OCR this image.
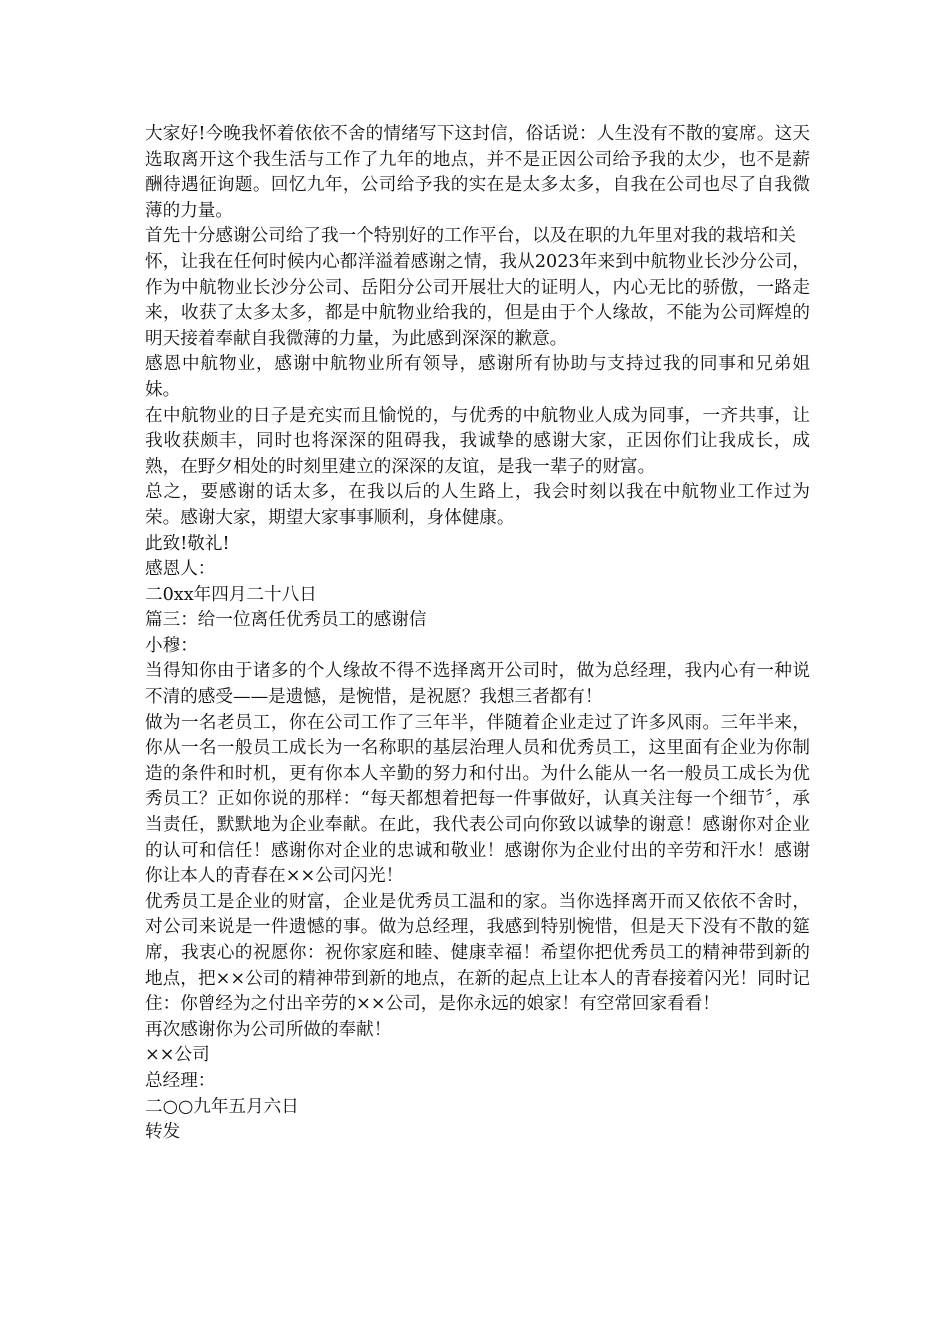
大家好!今晚我怀着依依不舍的情绪写下这封信，俗话说：人生没有不散的宴席。这天选取离开这个我生活与工作了九年的地点，并不是正因公司给予我的太少，也不是薪酬待遇征询题。回忆九年，公司给予我的实在是太多太多，自我在公司也尽了自我微薄的力量。

首先十分感谢公司给了我一个特别好的工作平台，以及在职的九年里对我的栽培和关

怀，让我在任何时候内心都洋溢着感谢之情，我从2023年来到中航物业长沙分公司，作为中航物业长沙分公司、岳阳分公司开展壮大的证明人，内心无比的骄傲，一路走来，收获了太多太多，都是中航物业给我的，但是由于个人缘故，不能为公司辉煌的明天接着奉献自我微薄的力量，为此感到深深的歉意。

感恩中航物业，感谢中航物业所有领导，感谢所有协助与支持过我的同事和兄弟姐妹。

在中航物业的日子是充实而且愉悦的，与优秀的中航物业人成为同事，一齐共事，让我收获颇丰，同时也将深深的阻碍我，我诚挚的感谢大家，正因你们让我成长，成熟，在野夕相处的时刻里建立的深深的友谊，是我一辈子的财富。

总之，要感谢的话太多，在我以后的人生路上，我会时刻以我在中航物业工作过为荣。感谢大家，期望大家事事顺利，身体健康。

此致!敬礼!

感恩人：

二0xx年四月二十八日

篇三：给一位离任优秀员工的感谢信

小穆：

当得知你由于诸多的个人缘故不得不选择离开公司时，做为总经理，我内心有一种说不清的感受——是遗憾，是惋惜，是祝愿？我想三者都有！

做为一名老员工，你在公司工作了三年半，伴随着企业走过了许多风雨。三年半来，你从一名一般员工成长为一名称职的基层治理人员和优秀员工，这里面有企业为你制造的条件和时机，更有你本人辛勤的努力和付出。为什么能从一名一般员工成长为优秀员工？正如你说的那样：“每天都想着把每一件事做好，认真关注每一个细节〞，承当责任，默默地为企业奉献。在此，我代表公司向你致以诚挚的谢意！感谢你对企业的认可和信任！感谢你对企业的忠诚和敬业！感谢你为企业付出的辛劳和汗水！感谢你让本人的青春在××公司闪光！

优秀员工是企业的财富，企业是优秀员工温和的家。当你选择离开而又依依不舍时，对公司来说是一件遗憾的事。做为总经理，我感到特别惋惜，但是天下没有不散的筵席，我衷心的祝愿你：祝你家庭和睦、健康幸福！希望你把优秀员工的精神带到新的地点，把××公司的精神带到新的地点，在新的起点上让本人的青春接着闪光！同时记住：你曾经为之付出辛劳的××公司，是你永远的娘家！有空常回家看看！

再次感谢你为公司所做的奉献！

××公司

总经理：

二○○九年五月六日

转发
